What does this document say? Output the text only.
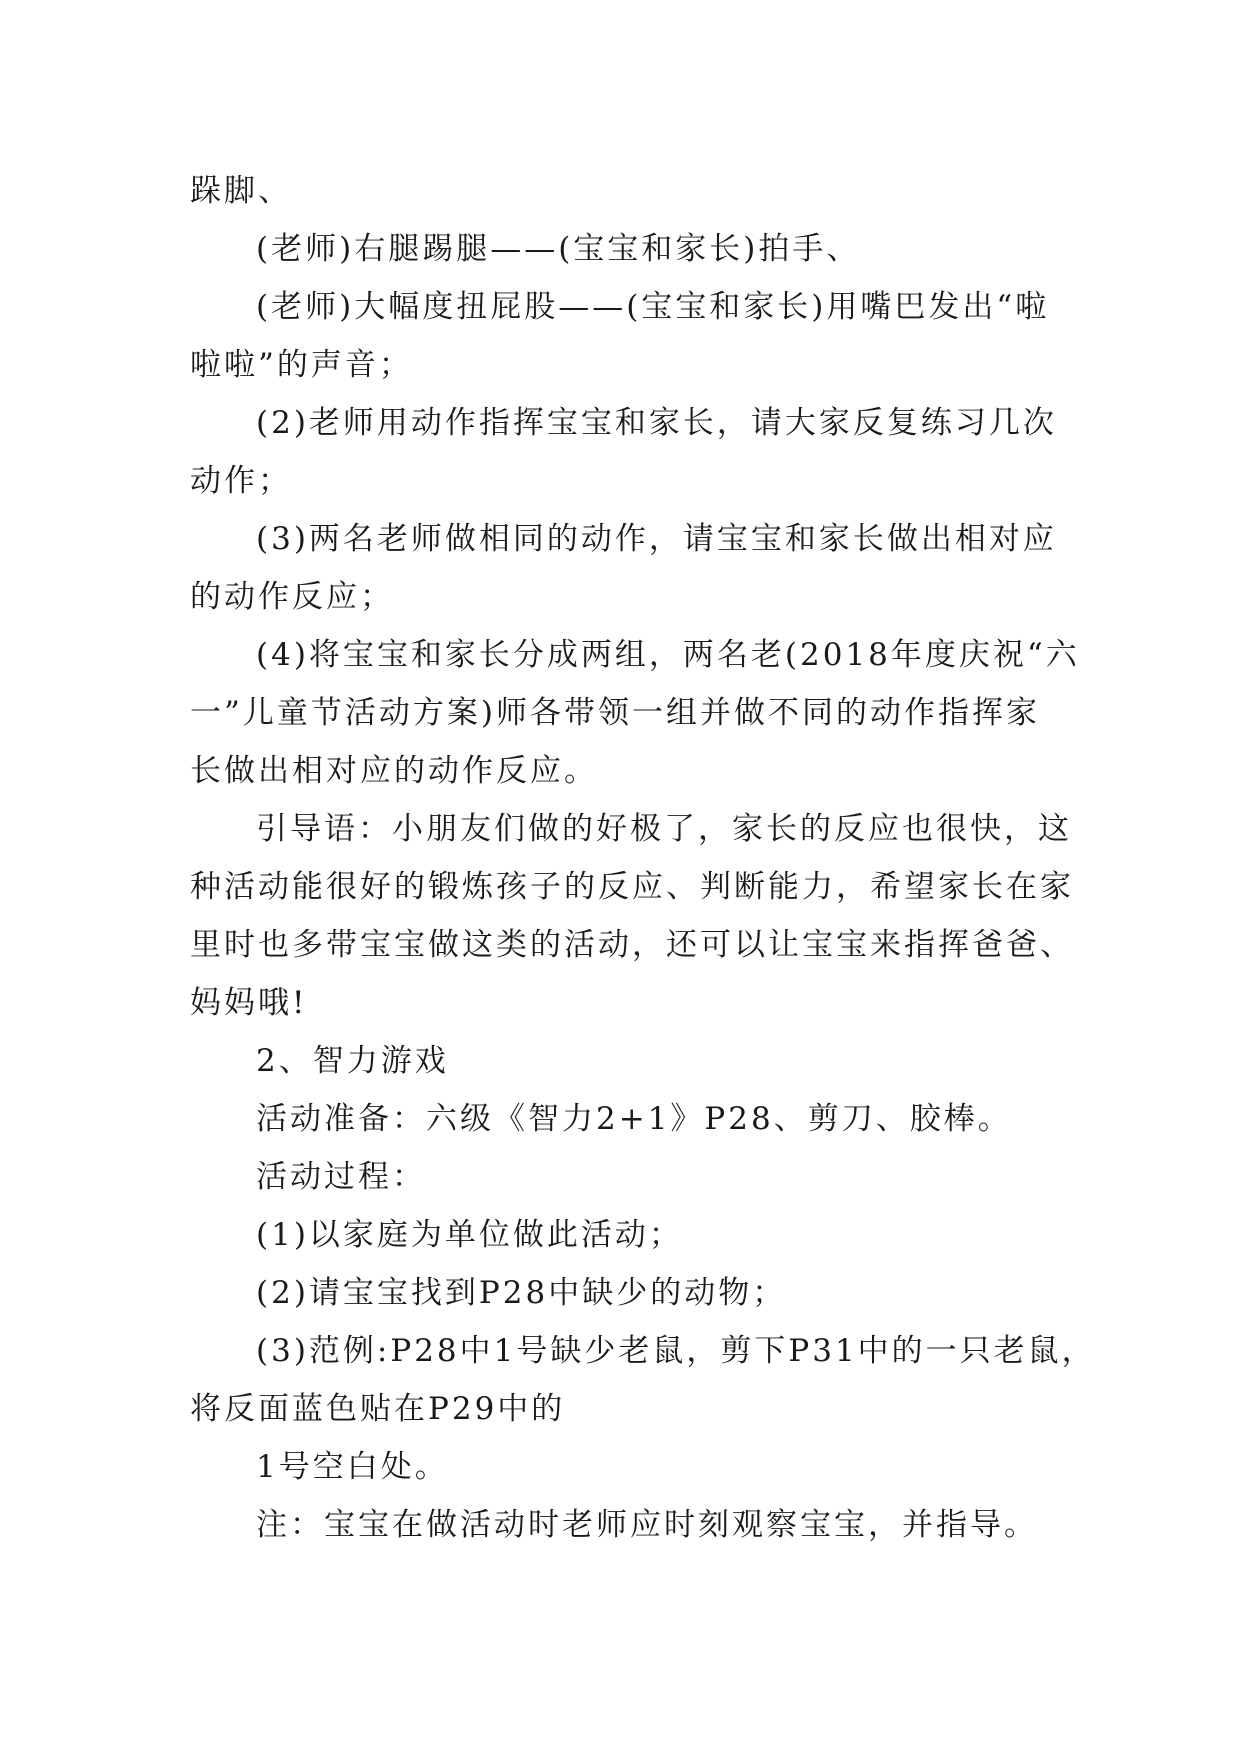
跺脚、

(老师)右腿踢腿——(宝宝和家长)拍手、

(老师)大幅度扭屁股——(宝宝和家长)用嘴巴发出“啦

啦啦”的声音；

(2)老师用动作指挥宝宝和家长，请大家反复练习几次

动作；

(3)两名老师做相同的动作，请宝宝和家长做出相对应

的动作反应；

(4)将宝宝和家长分成两组，两名老(2018年度庆祝“六

一”儿童节活动方案)师各带领一组并做不同的动作指挥家

长做出相对应的动作反应。

引导语：小朋友们做的好极了，家长的反应也很快，这

种活动能很好的锻炼孩子的反应、判断能力，希望家长在家

里时也多带宝宝做这类的活动，还可以让宝宝来指挥爸爸、

妈妈哦!

2、智力游戏

活动准备：六级《智力2+1》P28、剪刀、胶棒。

活动过程：

(1)以家庭为单位做此活动；

(2)请宝宝找到P28中缺少的动物；

(3)范例:P28中1号缺少老鼠，剪下P31中的一只老鼠，

将反面蓝色贴在P29中的

1号空白处。

注：宝宝在做活动时老师应时刻观察宝宝，并指导。
